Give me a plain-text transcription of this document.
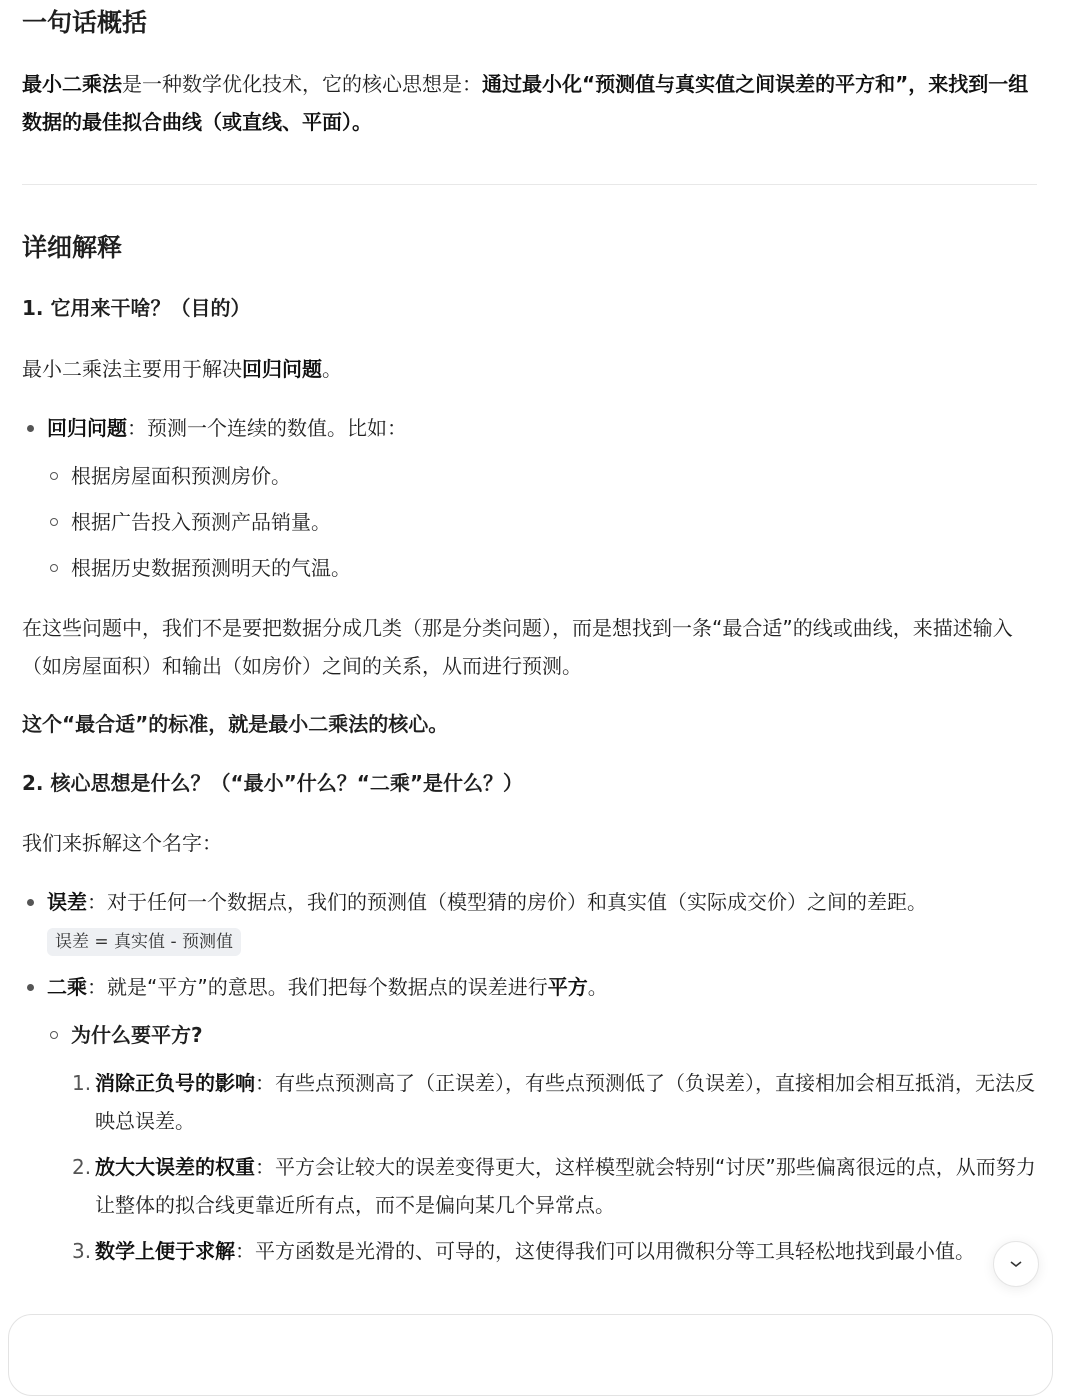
一句话概括
最小二乘法是一种数学优化技术，它的核心思想是：通过最小化“预测值与真实值之间误差的平方和”，来找到一组数据的最佳拟合曲线（或直线、平面）。
详细解释
1. 它用来干啥？（目的）
最小二乘法主要用于解决回归问题。
回归问题：预测一个连续的数值。比如：
根据房屋面积预测房价。
根据广告投入预测产品销量。
根据历史数据预测明天的气温。
在这些问题中，我们不是要把数据分成几类（那是分类问题），而是想找到一条“最合适”的线或曲线，来描述输入（如房屋面积）和输出（如房价）之间的关系，从而进行预测。
这个“最合适”的标准，就是最小二乘法的核心。
2. 核心思想是什么？（“最小”什么？“二乘”是什么？）
我们来拆解这个名字：
误差：对于任何一个数据点，我们的预测值（模型猜的房价）和真实值（实际成交价）之间的差距。
误差 = 真实值 - 预测值
二乘：就是“平方”的意思。我们把每个数据点的误差进行平方。
为什么要平方?
1. 消除正负号的影响：有些点预测高了（正误差），有些点预测低了（负误差），直接相加会相互抵消，无法反映总误差。
2. 放大大误差的权重：平方会让较大的误差变得更大，这样模型就会特别“讨厌”那些偏离很远的点，从而努力让整体的拟合线更靠近所有点，而不是偏向某几个异常点。
3. 数学上便于求解：平方函数是光滑的、可导的，这使得我们可以用微积分等工具轻松地找到最小值。
